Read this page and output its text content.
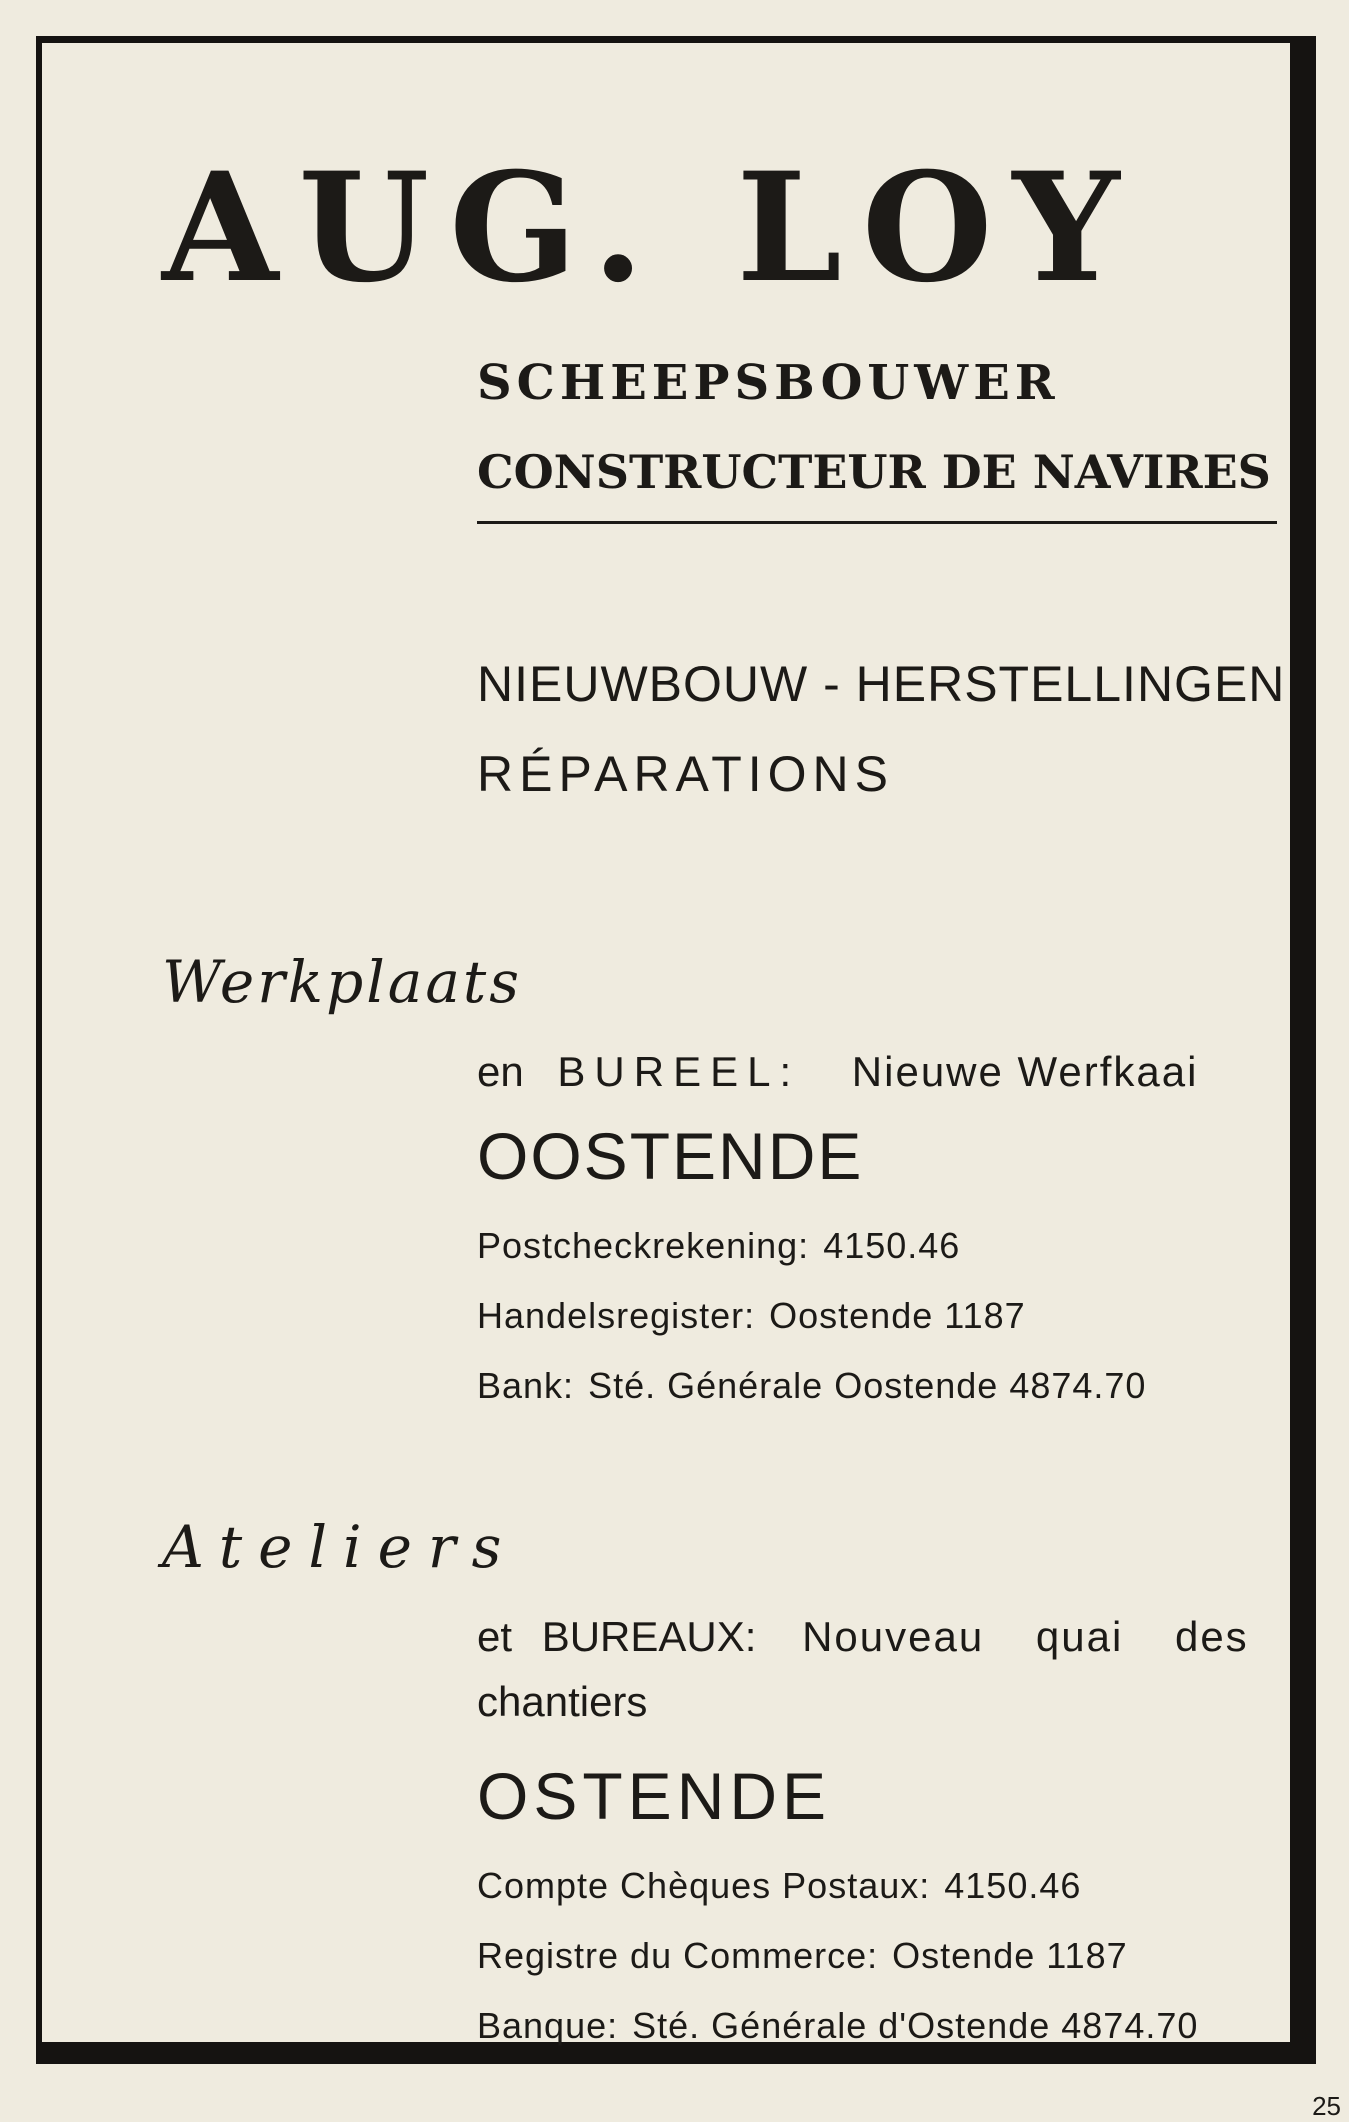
AUG. LOY
SCHEEPSBOUWER
CONSTRUCTEUR DE NAVIRES
NIEUWBOUW - HERSTELLINGEN
RÉPARATIONS
Werkplaats
en BUREEL: Nieuwe Werfkaai
OOSTENDE
Postcheckrekening: 4150.46
Handelsregister: Oostende 1187
Bank: Sté. Générale Oostende 4874.70
Ateliers
et BUREAUX: Nouveau quai des
chantiers
OSTENDE
Compte Chèques Postaux: 4150.46
Registre du Commerce: Ostende 1187
Banque: Sté. Générale d'Ostende 4874.70
25
